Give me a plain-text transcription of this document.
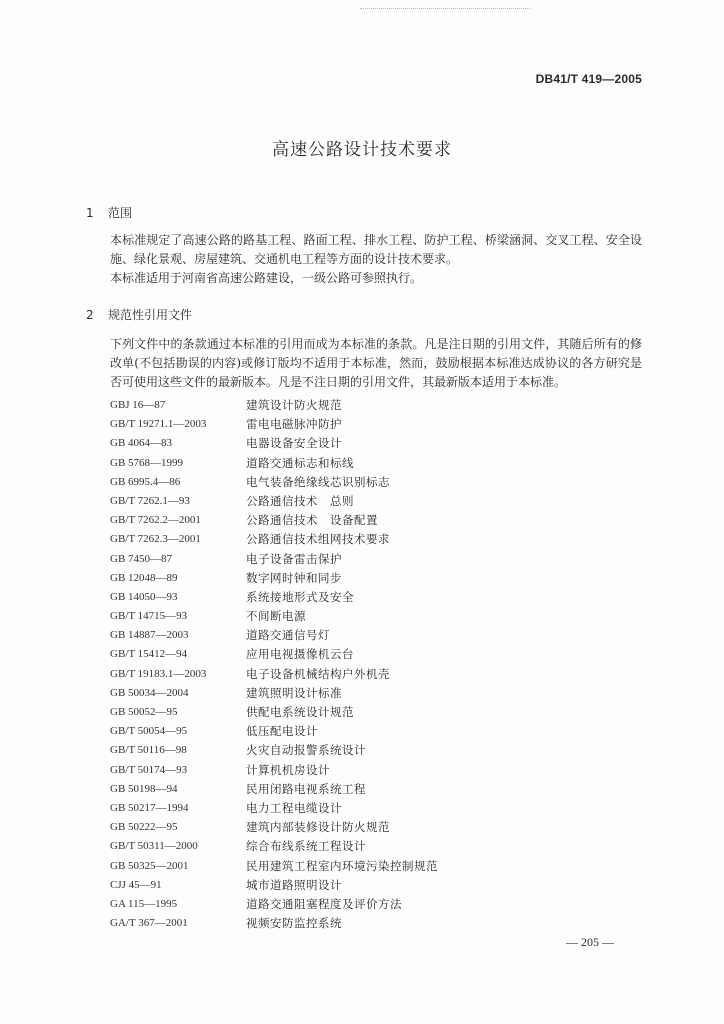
DB41/T 419—2005
高速公路设计技术要求
1 范围
本标准规定了高速公路的路基工程、路面工程、排水工程、防护工程、桥梁涵洞、交叉工程、安全设施、绿化景观、房屋建筑、交通机电工程等方面的设计技术要求。
本标准适用于河南省高速公路建设，一级公路可参照执行。
2 规范性引用文件
下列文件中的条款通过本标准的引用而成为本标准的条款。凡是注日期的引用文件，其随后所有的修改单(不包括勘误的内容)或修订版均不适用于本标准，然而，鼓励根据本标准达成协议的各方研究是否可使用这些文件的最新版本。凡是不注日期的引用文件，其最新版本适用于本标准。
GBJ 16—87	建筑设计防火规范
GB/T 19271.1—2003	雷电电磁脉冲防护
GB 4064—83	电器设备安全设计
GB 5768—1999	道路交通标志和标线
GB 6995.4—86	电气装备绝缘线芯识别标志
GB/T 7262.1—93	公路通信技术　总则
GB/T 7262.2—2001	公路通信技术　设备配置
GB/T 7262.3—2001	公路通信技术组网技术要求
GB 7450—87	电子设备雷击保护
GB 12048—89	数字网时钟和同步
GB 14050—93	系统接地形式及安全
GB/T 14715—93	不间断电源
GB 14887—2003	道路交通信号灯
GB/T 15412—94	应用电视摄像机云台
GB/T 19183.1—2003	电子设备机械结构户外机壳
GB 50034—2004	建筑照明设计标准
GB 50052—95	供配电系统设计规范
GB/T 50054—95	低压配电设计
GB/T 50116—98	火灾自动报警系统设计
GB/T 50174—93	计算机机房设计
GB 50198—94	民用闭路电视系统工程
GB 50217—1994	电力工程电缆设计
GB 50222—95	建筑内部装修设计防火规范
GB/T 50311—2000	综合布线系统工程设计
GB 50325—2001	民用建筑工程室内环境污染控制规范
CJJ 45—91	城市道路照明设计
GA 115—1995	道路交通阻塞程度及评价方法
GA/T 367—2001	视频安防监控系统
— 205 —
